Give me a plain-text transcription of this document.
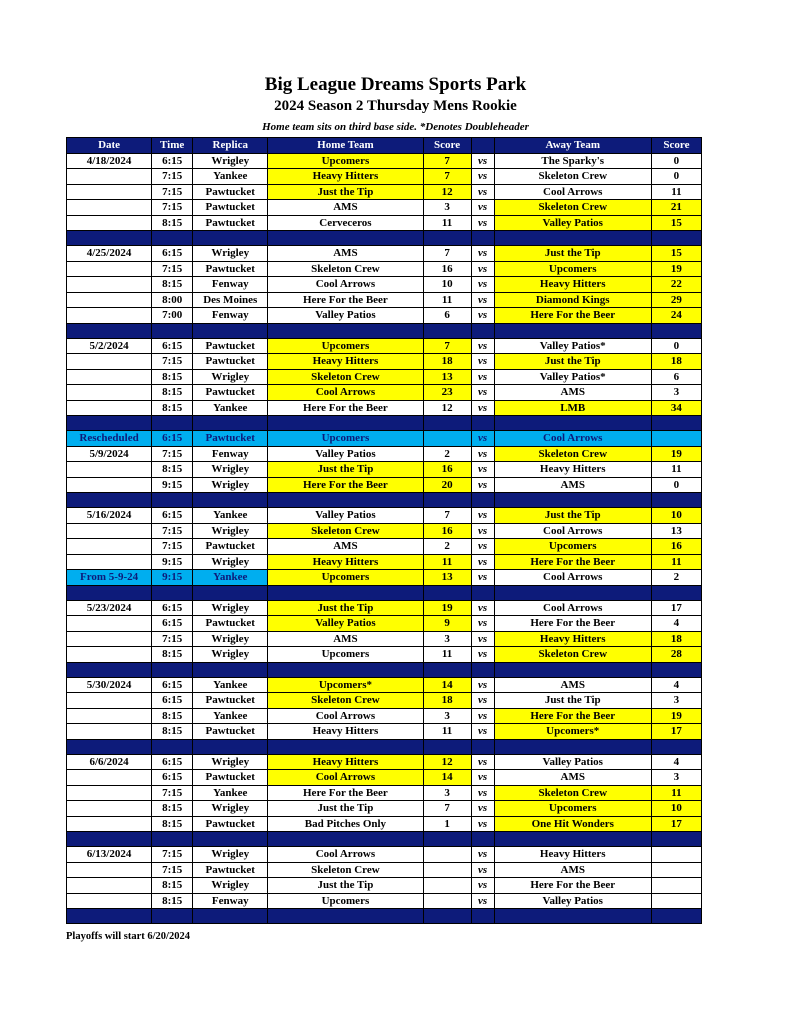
Big League Dreams Sports Park
2024 Season 2 Thursday Mens Rookie
Home team sits on third base side. *Denotes Doubleheader
Date	Time	Replica	Home Team	Score		Away Team	Score
4/18/2024	6:15	Wrigley	Upcomers	7	vs	The Sparky's	0
	7:15	Yankee	Heavy Hitters	7	vs	Skeleton Crew	0
	7:15	Pawtucket	Just the Tip	12	vs	Cool Arrows	11
	7:15	Pawtucket	AMS	3	vs	Skeleton Crew	21
	8:15	Pawtucket	Cerveceros	11	vs	Valley Patios	15

4/25/2024	6:15	Wrigley	AMS	7	vs	Just the Tip	15
	7:15	Pawtucket	Skeleton Crew	16	vs	Upcomers	19
	8:15	Fenway	Cool Arrows	10	vs	Heavy Hitters	22
	8:00	Des Moines	Here For the Beer	11	vs	Diamond Kings	29
	7:00	Fenway	Valley Patios	6	vs	Here For the Beer	24

5/2/2024	6:15	Pawtucket	Upcomers	7	vs	Valley Patios*	0
	7:15	Pawtucket	Heavy Hitters	18	vs	Just the Tip	18
	8:15	Wrigley	Skeleton Crew	13	vs	Valley Patios*	6
	8:15	Pawtucket	Cool Arrows	23	vs	AMS	3
	8:15	Yankee	Here For the Beer	12	vs	LMB	34

Rescheduled	6:15	Pawtucket	Upcomers		vs	Cool Arrows	
5/9/2024	7:15	Fenway	Valley Patios	2	vs	Skeleton Crew	19
	8:15	Wrigley	Just the Tip	16	vs	Heavy Hitters	11
	9:15	Wrigley	Here For the Beer	20	vs	AMS	0

5/16/2024	6:15	Yankee	Valley Patios	7	vs	Just the Tip	10
	7:15	Wrigley	Skeleton Crew	16	vs	Cool Arrows	13
	7:15	Pawtucket	AMS	2	vs	Upcomers	16
	9:15	Wrigley	Heavy Hitters	11	vs	Here For the Beer	11
From 5-9-24	9:15	Yankee	Upcomers	13	vs	Cool Arrows	2

5/23/2024	6:15	Wrigley	Just the Tip	19	vs	Cool Arrows	17
	6:15	Pawtucket	Valley Patios	9	vs	Here For the Beer	4
	7:15	Wrigley	AMS	3	vs	Heavy Hitters	18
	8:15	Wrigley	Upcomers	11	vs	Skeleton Crew	28

5/30/2024	6:15	Yankee	Upcomers*	14	vs	AMS	4
	6:15	Pawtucket	Skeleton Crew	18	vs	Just the Tip	3
	8:15	Yankee	Cool Arrows	3	vs	Here For the Beer	19
	8:15	Pawtucket	Heavy Hitters	11	vs	Upcomers*	17

6/6/2024	6:15	Wrigley	Heavy Hitters	12	vs	Valley Patios	4
	6:15	Pawtucket	Cool Arrows	14	vs	AMS	3
	7:15	Yankee	Here For the Beer	3	vs	Skeleton Crew	11
	8:15	Wrigley	Just the Tip	7	vs	Upcomers	10
	8:15	Pawtucket	Bad Pitches Only	1	vs	One Hit Wonders	17

6/13/2024	7:15	Wrigley	Cool Arrows		vs	Heavy Hitters	
	7:15	Pawtucket	Skeleton Crew		vs	AMS	
	8:15	Wrigley	Just the Tip		vs	Here For the Beer	
	8:15	Fenway	Upcomers		vs	Valley Patios	

Playoffs will start 6/20/2024
